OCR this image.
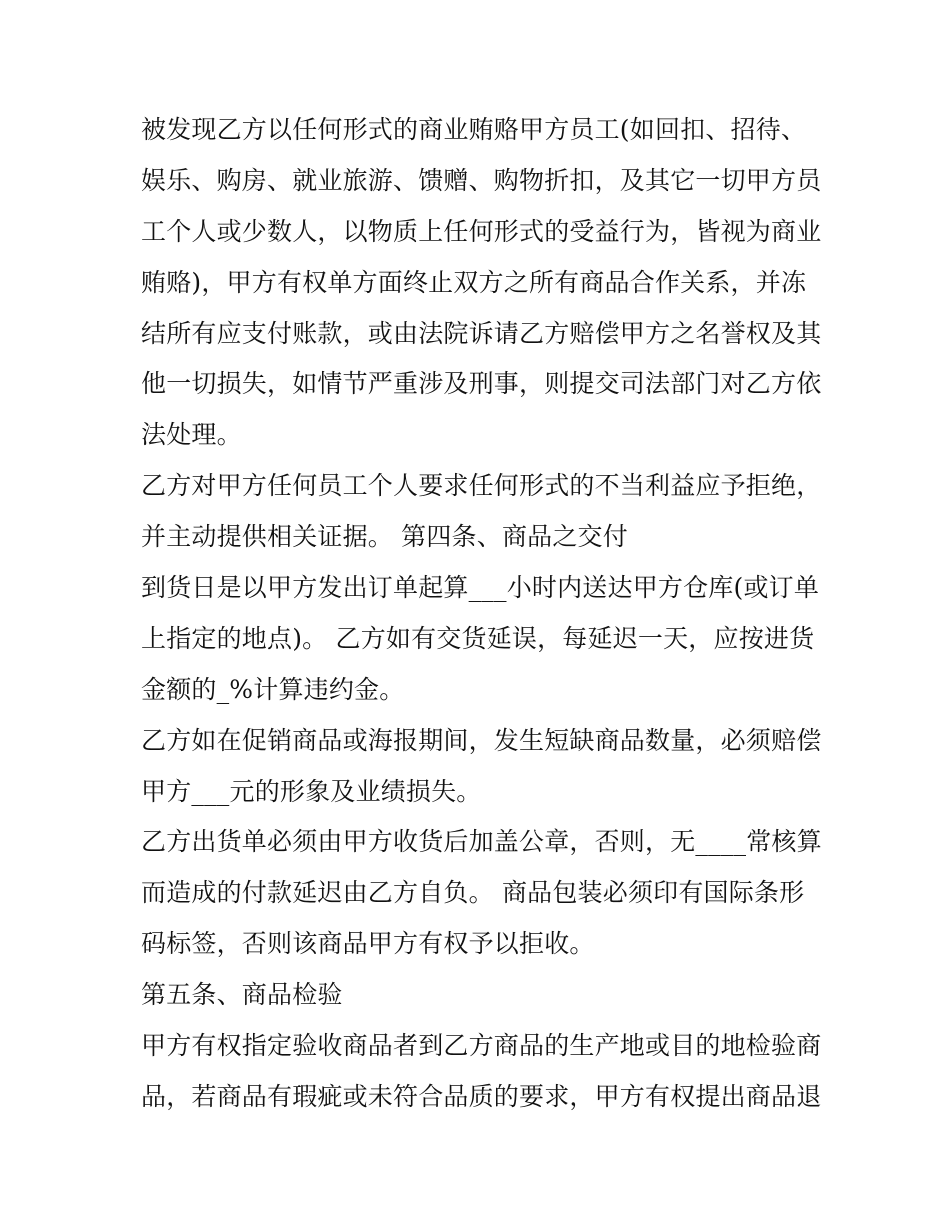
被发现乙方以任何形式的商业贿赂甲方员工(如回扣、招待、
娱乐、购房、就业旅游、馈赠、购物折扣，及其它一切甲方员
工个人或少数人，以物质上任何形式的受益行为，皆视为商业
贿赂)，甲方有权单方面终止双方之所有商品合作关系，并冻
结所有应支付账款，或由法院诉请乙方赔偿甲方之名誉权及其
他一切损失，如情节严重涉及刑事，则提交司法部门对乙方依
法处理。
乙方对甲方任何员工个人要求任何形式的不当利益应予拒绝，
并主动提供相关证据。 第四条、商品之交付
到货日是以甲方发出订单起算___小时内送达甲方仓库(或订单
上指定的地点)。 乙方如有交货延误，每延迟一天，应按进货
金额的_%计算违约金。
乙方如在促销商品或海报期间，发生短缺商品数量，必须赔偿
甲方___元的形象及业绩损失。
乙方出货单必须由甲方收货后加盖公章，否则，无____常核算
而造成的付款延迟由乙方自负。 商品包装必须印有国际条形
码标签，否则该商品甲方有权予以拒收。
第五条、商品检验
甲方有权指定验收商品者到乙方商品的生产地或目的地检验商
品，若商品有瑕疵或未符合品质的要求，甲方有权提出商品退
